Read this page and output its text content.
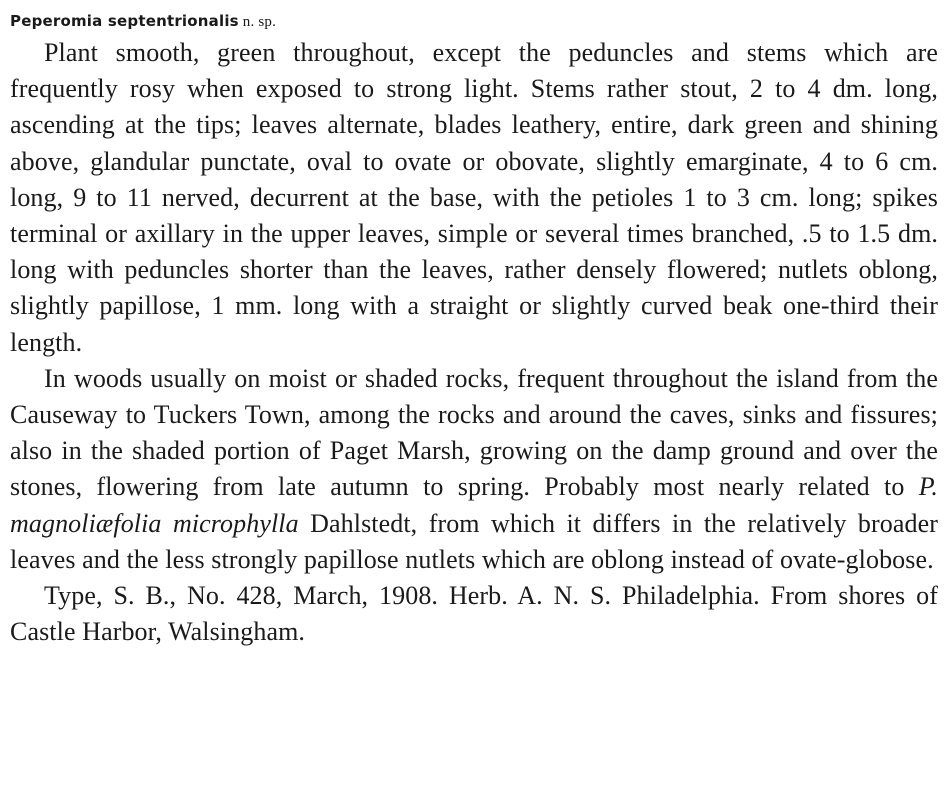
Peperomia septentrionalis n. sp.

Plant smooth, green throughout, except the peduncles and stems which are frequently rosy when exposed to strong light. Stems rather stout, 2 to 4 dm. long, ascending at the tips; leaves alternate, blades leathery, entire, dark green and shining above, glandular punctate, oval to ovate or obovate, slightly emarginate, 4 to 6 cm. long, 9 to 11 nerved, decurrent at the base, with the petioles 1 to 3 cm. long; spikes terminal or axillary in the upper leaves, simple or several times branched, .5 to 1.5 dm. long with peduncles shorter than the leaves, rather densely flowered; nutlets oblong, slightly papillose, 1 mm. long with a straight or slightly curved beak one-third their length.

In woods usually on moist or shaded rocks, frequent throughout the island from the Causeway to Tuckers Town, among the rocks and around the caves, sinks and fissures; also in the shaded portion of Paget Marsh, growing on the damp ground and over the stones, flowering from late autumn to spring. Probably most nearly related to P. magnoliæfolia microphylla Dahlstedt, from which it differs in the relatively broader leaves and the less strongly papillose nutlets which are oblong instead of ovate-globose.

Type, S. B., No. 428, March, 1908. Herb. A. N. S. Philadelphia. From shores of Castle Harbor, Walsingham.
